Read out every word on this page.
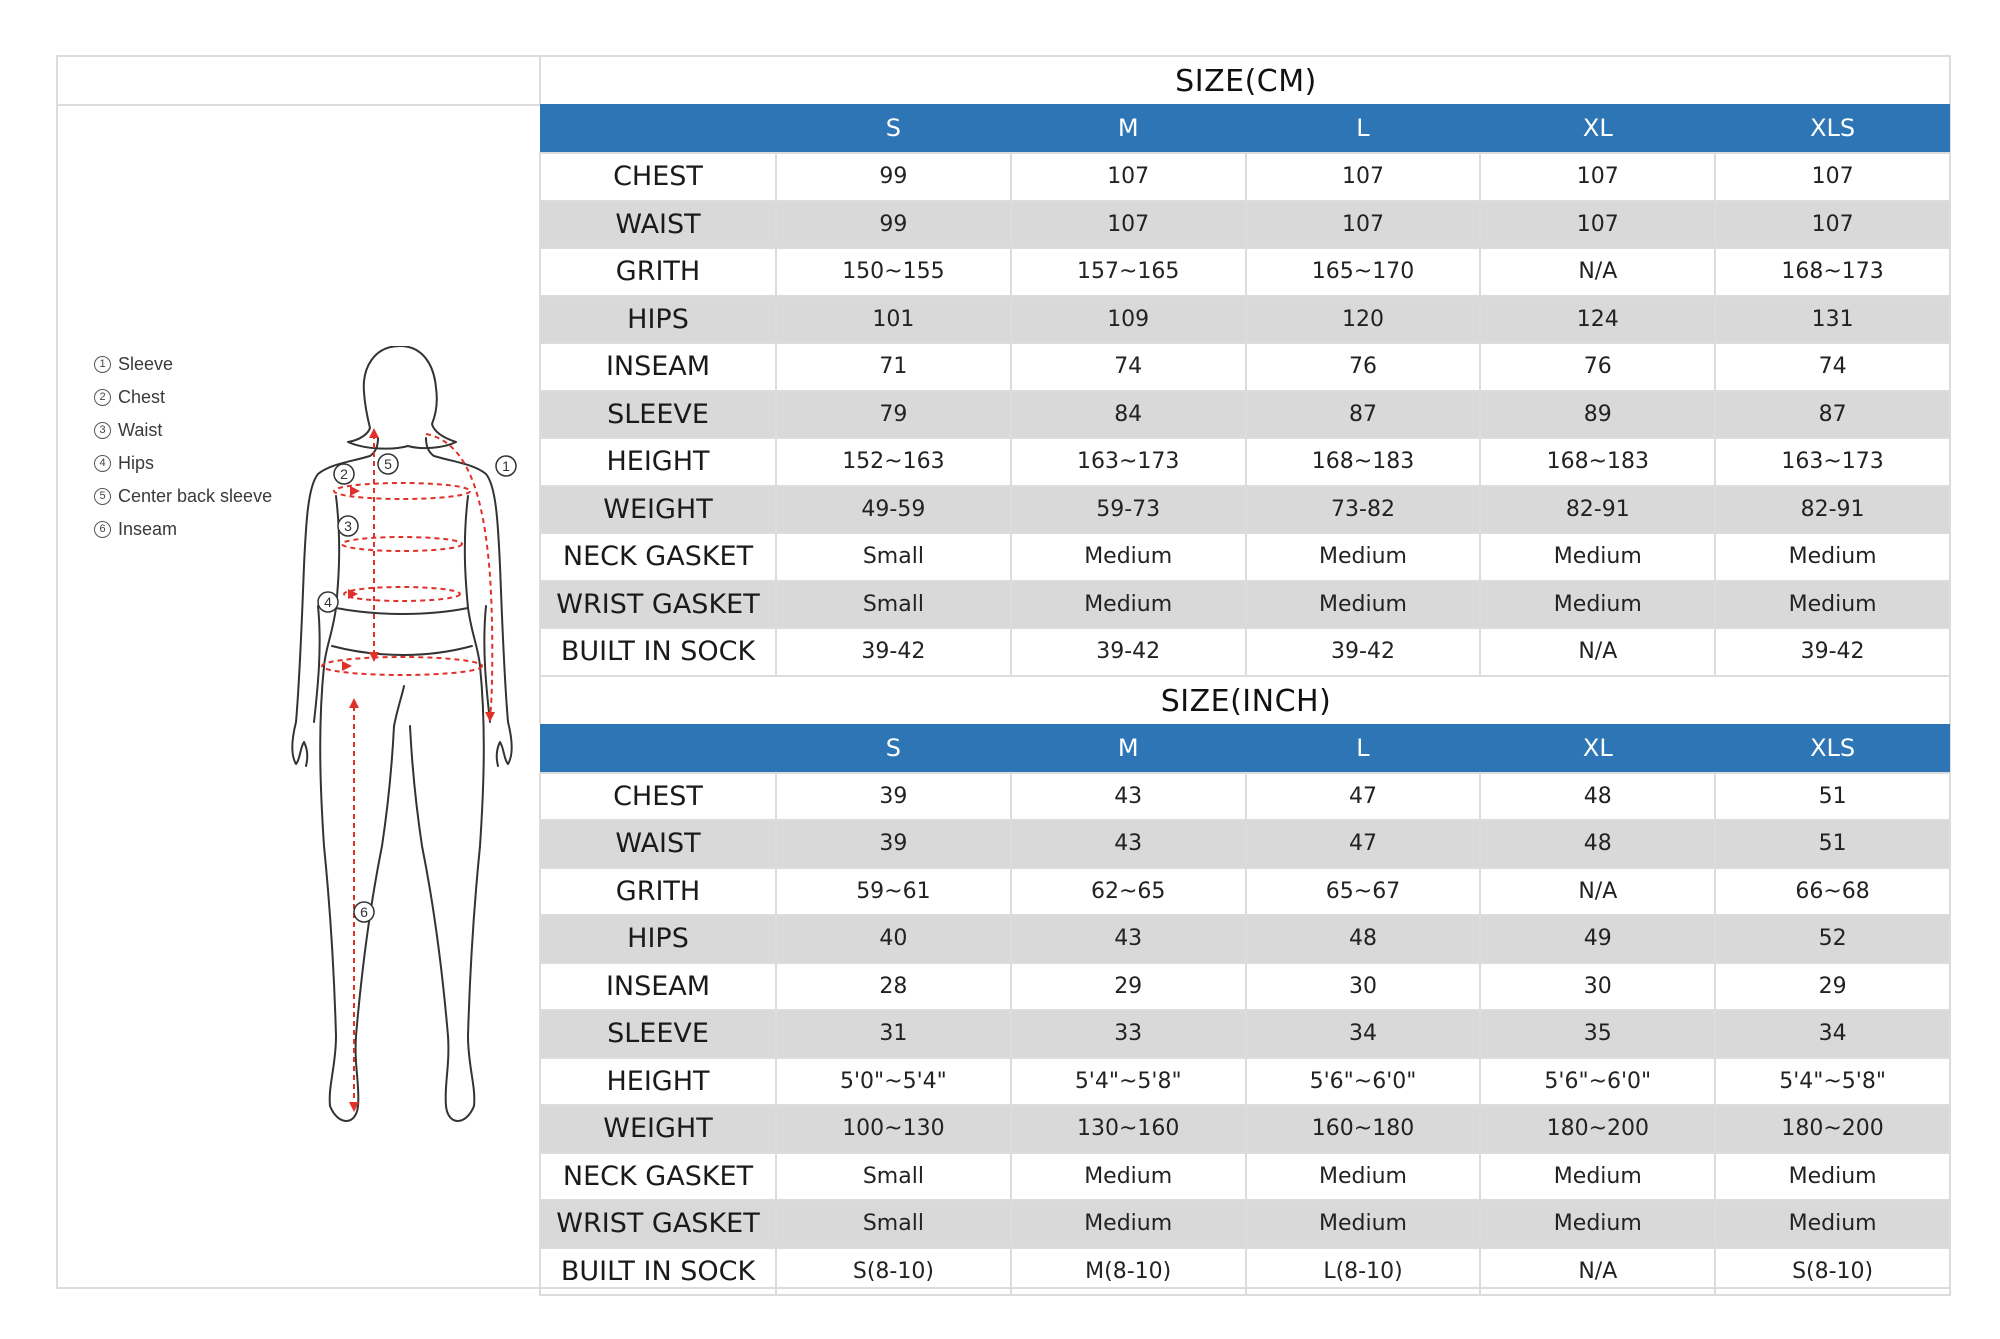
1 Sleeve
2 Chest
3 Waist
4 Hips
5 Center back sleeve
6 Inseam
1
2
3
4
5
6
SIZE(CM)
	S	M	L	XL	XLS
CHEST	99	107	107	107	107
WAIST	99	107	107	107	107
GRITH	150~155	157~165	165~170	N/A	168~173
HIPS	101	109	120	124	131
INSEAM	71	74	76	76	74
SLEEVE	79	84	87	89	87
HEIGHT	152~163	163~173	168~183	168~183	163~173
WEIGHT	49-59	59-73	73-82	82-91	82-91
NECK GASKET	Small	Medium	Medium	Medium	Medium
WRIST GASKET	Small	Medium	Medium	Medium	Medium
BUILT IN SOCK	39-42	39-42	39-42	N/A	39-42
SIZE(INCH)
	S	M	L	XL	XLS
CHEST	39	43	47	48	51
WAIST	39	43	47	48	51
GRITH	59~61	62~65	65~67	N/A	66~68
HIPS	40	43	48	49	52
INSEAM	28	29	30	30	29
SLEEVE	31	33	34	35	34
HEIGHT	5'0"~5'4"	5'4"~5'8"	5'6"~6'0"	5'6"~6'0"	5'4"~5'8"
WEIGHT	100~130	130~160	160~180	180~200	180~200
NECK GASKET	Small	Medium	Medium	Medium	Medium
WRIST GASKET	Small	Medium	Medium	Medium	Medium
BUILT IN SOCK	S(8-10)	M(8-10)	L(8-10)	N/A	S(8-10)
